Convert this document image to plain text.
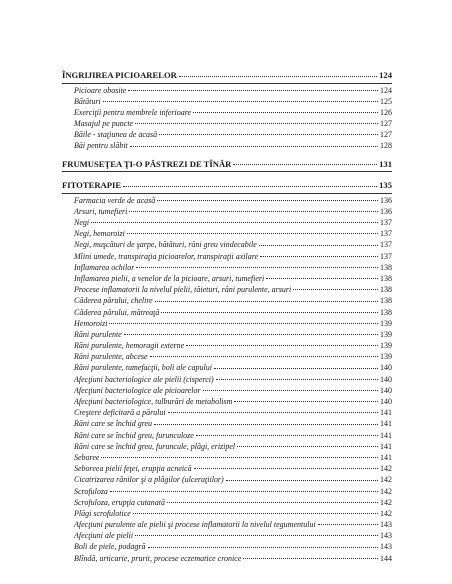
ÎNGRIJIREA PICIOARELOR	124
Picioare obosite	124
Bătături	125
Exerciţii pentru membrele inferioare	126
Masajul pe puncte	127
Băile - staţiunea de acasă	127
Băi pentru slăbit	128
FRUMUSEŢEA ŢI-O PĂSTREZI DE TÎNĂR	131
FITOTERAPIE	135
Farmacia verde de acasă	136
Arsuri, tumefieri	136
Negi	137
Negi, hemoroizi	137
Negi, muşcături de şarpe, bătături, răni greu vindecabile	137
Mîini umede, transpiraţia picioarelor, transpiraţii axilare	137
Inflamarea ochilor	138
Inflamarea pielii, a venelor de la picioare, arsuri, tumefieri	138
Procese inflamatorii la nivelul pielii, tăieturi, răni purulente, arsuri	138
Căderea părului, chelire	138
Căderea părului, mătreaţă	138
Hemoroizi	139
Răni purulente	139
Răni purulente, hemoragii externe	139
Răni purulente, abcese	139
Răni purulente, tumefacţii, boli ale capului	140
Afecţiuni bacteriologice ale pielii (cisperci)	140
Afecţiuni bacteriologice ale picioarelor	140
Afecţiuni bacteriologice, tulburări de metabolism	140
Creştere deficitară a părului	141
Răni care se închid greu	141
Răni care se închid greu, furunculoze	141
Răni care se închid greu, furuncule, plăgi, erizipel	141
Seboree	141
Seboreea pielii feţei, erupţia acneică	142
Cicatrizarea rănilor şi a plăgilor (ulceraţiilor)	142
Scrofuloza	142
Scrofuloza, erupţia cutanată	142
Plăgi scrofulotice	142
Afecţiuni purulente ale pielii şi procese inflamatorii la nivelul tegumentului	143
Afecţiuni ale pielii	143
Boli de piele, podagră	143
Blîndă, urticarie, prurit, procese eczematice cronice	144
